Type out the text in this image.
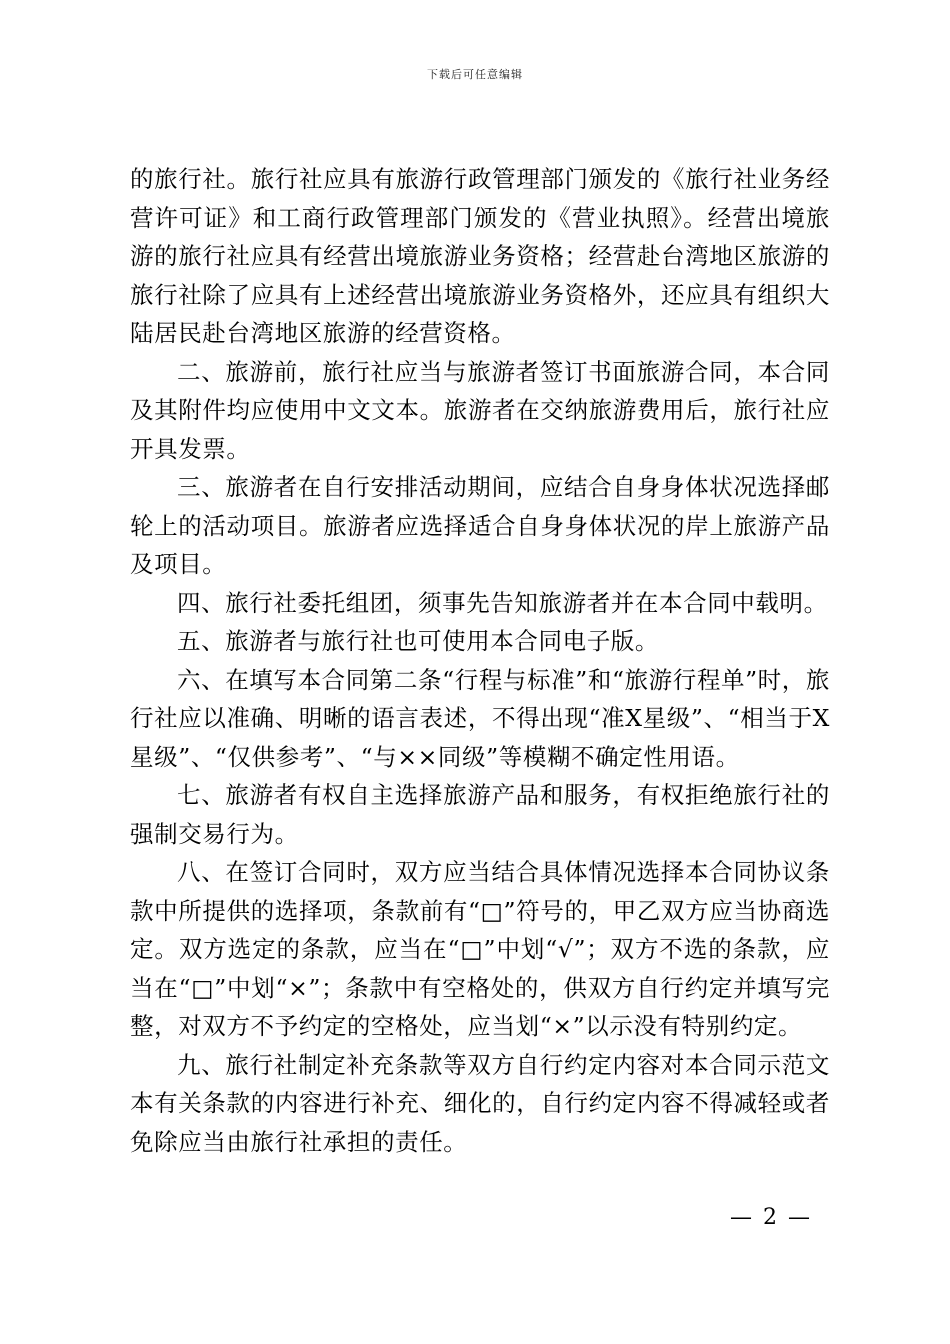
下载后可任意编辑

的旅行社。旅行社应具有旅游行政管理部门颁发的《旅行社业务经营许可证》和工商行政管理部门颁发的《营业执照》。经营出境旅游的旅行社应具有经营出境旅游业务资格；经营赴台湾地区旅游的旅行社除了应具有上述经营出境旅游业务资格外，还应具有组织大陆居民赴台湾地区旅游的经营资格。

二、旅游前，旅行社应当与旅游者签订书面旅游合同，本合同及其附件均应使用中文文本。旅游者在交纳旅游费用后，旅行社应开具发票。

三、旅游者在自行安排活动期间，应结合自身身体状况选择邮轮上的活动项目。旅游者应选择适合自身身体状况的岸上旅游产品及项目。

四、旅行社委托组团，须事先告知旅游者并在本合同中载明。

五、旅游者与旅行社也可使用本合同电子版。

六、在填写本合同第二条“行程与标准”和“旅游行程单”时，旅行社应以准确、明晰的语言表述，不得出现“准X星级”、“相当于X星级”、“仅供参考”、“与××同级”等模糊不确定性用语。

七、旅游者有权自主选择旅游产品和服务，有权拒绝旅行社的强制交易行为。

八、在签订合同时，双方应当结合具体情况选择本合同协议条款中所提供的选择项，条款前有“□”符号的，甲乙双方应当协商选定。双方选定的条款，应当在“□”中划“√”；双方不选的条款，应当在“□”中划“×”；条款中有空格处的，供双方自行约定并填写完整，对双方不予约定的空格处，应当划“×”以示没有特别约定。

九、旅行社制定补充条款等双方自行约定内容对本合同示范文本有关条款的内容进行补充、细化的，自行约定内容不得减轻或者免除应当由旅行社承担的责任。

— 2 —
